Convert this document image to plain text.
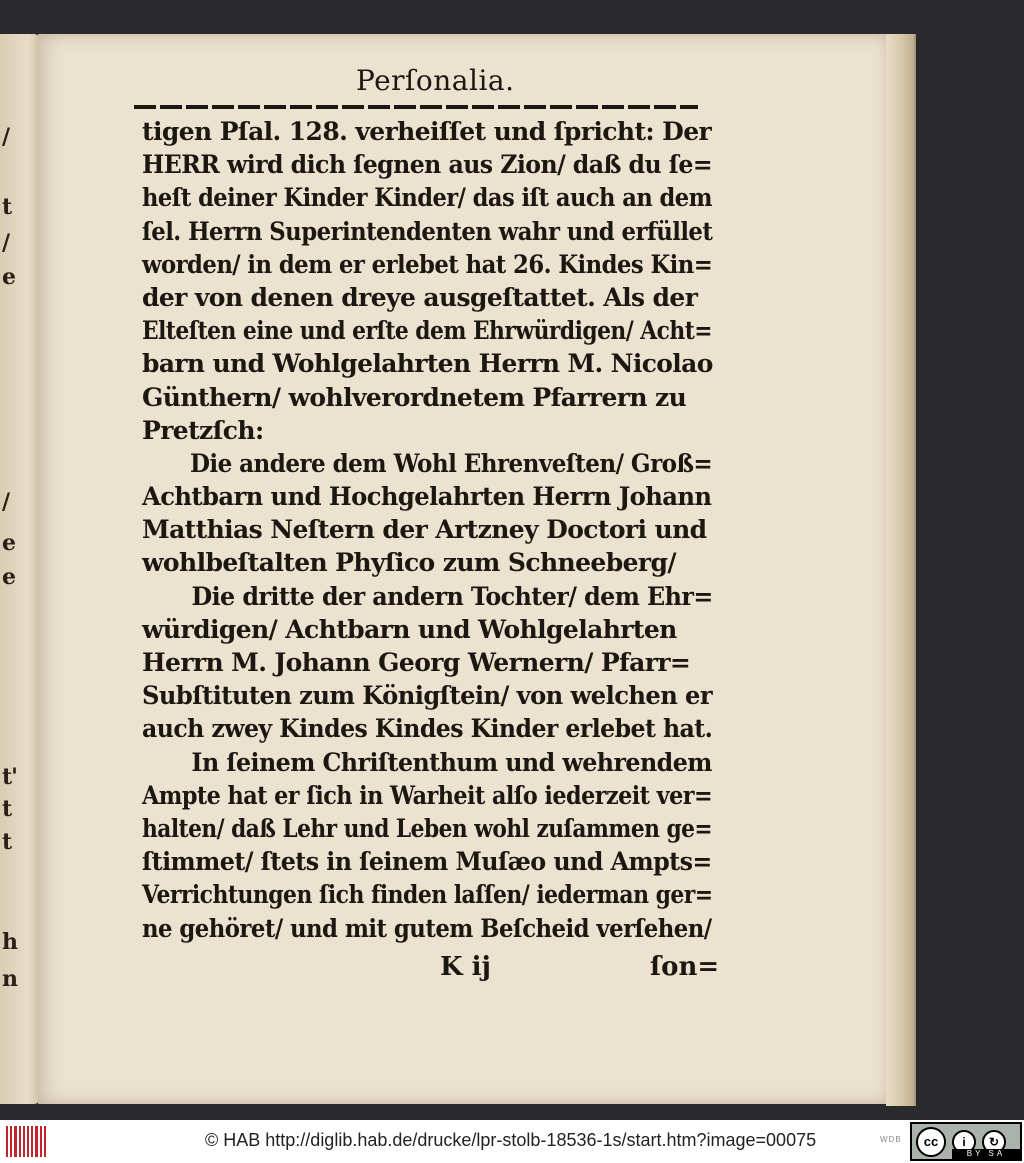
/
t
/
e
/
e
e
t'
t
t
h
n
Perſonalia.
tigen Pſal. 128. verheiſſet und ſpricht: Der
HERR wird dich ſegnen aus Zion/ daß du ſe=
heſt deiner Kinder Kinder/ das iſt auch an dem
ſel. Herrn Superintendenten wahr und erfüllet
worden/ in dem er erlebet hat 26. Kindes Kin=
der von denen dreye ausgeſtattet. Als der
Elteſten eine und erſte dem Ehrwürdigen/ Acht=
barn und Wohlgelahrten Herrn M. Nicolao
Günthern/ wohlverordnetem Pfarrern zu
Pretzſch:
Die andere dem Wohl Ehrenveſten/ Groß=
Achtbarn und Hochgelahrten Herrn Johann
Matthias Neſtern der Artzney Doctori und
wohlbeſtalten Phyſico zum Schneeberg/
Die dritte der andern Tochter/ dem Ehr=
würdigen/ Achtbarn und Wohlgelahrten
Herrn M. Johann Georg Wernern/ Pfarr=
Subſtituten zum Königſtein/ von welchen er
auch zwey Kindes Kindes Kinder erlebet hat.
In ſeinem Chriſtenthum und wehrendem
Ampte hat er ſich in Warheit alſo iederzeit ver=
halten/ daß Lehr und Leben wohl zuſammen ge=
ſtimmet/ ſtets in ſeinem Muſæo und Ampts=
Verrichtungen ſich finden laſſen/ iederman ger=
ne gehöret/ und mit gutem Beſcheid verſehen/
K ij	ſon=
© HAB http://diglib.hab.de/drucke/lpr-stolb-18536-1s/start.htm?image=00075	WDB	cc	i	↻
BY SA
